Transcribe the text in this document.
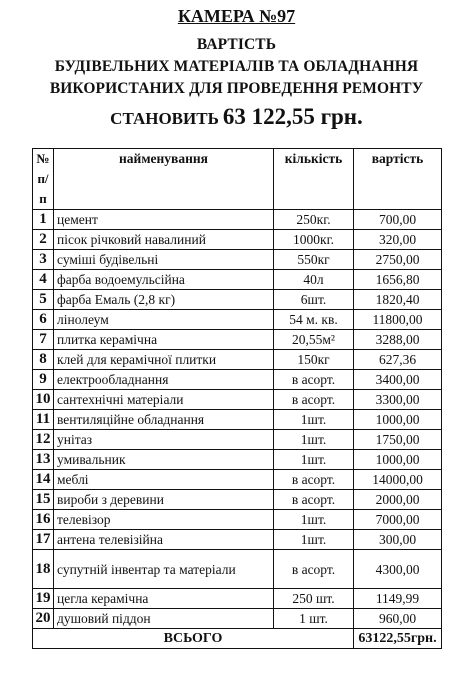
КАМЕРА №97
ВАРТІСТЬ
БУДІВЕЛЬНИХ МАТЕРІАЛІВ ТА ОБЛАДНАННЯ
ВИКОРИСТАНИХ ДЛЯ ПРОВЕДЕННЯ РЕМОНТУ
СТАНОВИТЬ 63 122,55 грн.
№
п/п	найменування	кількість	вартість
1	цемент	250кг.	700,00
2	пісок річковий навалиний	1000кг.	320,00
3	суміші будівельні	550кг	2750,00
4	фарба водоемульсійна	40л	1656,80
5	фарба Емаль (2,8 кг)	6шт.	1820,40
6	лінолеум	54 м. кв.	11800,00
7	плитка керамічна	20,55м²	3288,00
8	клей для керамічної плитки	150кг	627,36
9	електрообладнання	в асорт.	3400,00
10	сантехнічні матеріали	в асорт.	3300,00
11	вентиляційне обладнання	1шт.	1000,00
12	унітаз	1шт.	1750,00
13	умивальник	1шт.	1000,00
14	меблі	в асорт.	14000,00
15	вироби з деревини	в асорт.	2000,00
16	телевізор	1шт.	7000,00
17	антена телевізійна	1шт.	300,00
18	супутній інвентар та матеріали	в асорт.	4300,00
19	цегла керамічна	250 шт.	1149,99
20	душовий піддон	1 шт.	960,00
ВСЬОГО			63122,55грн.
